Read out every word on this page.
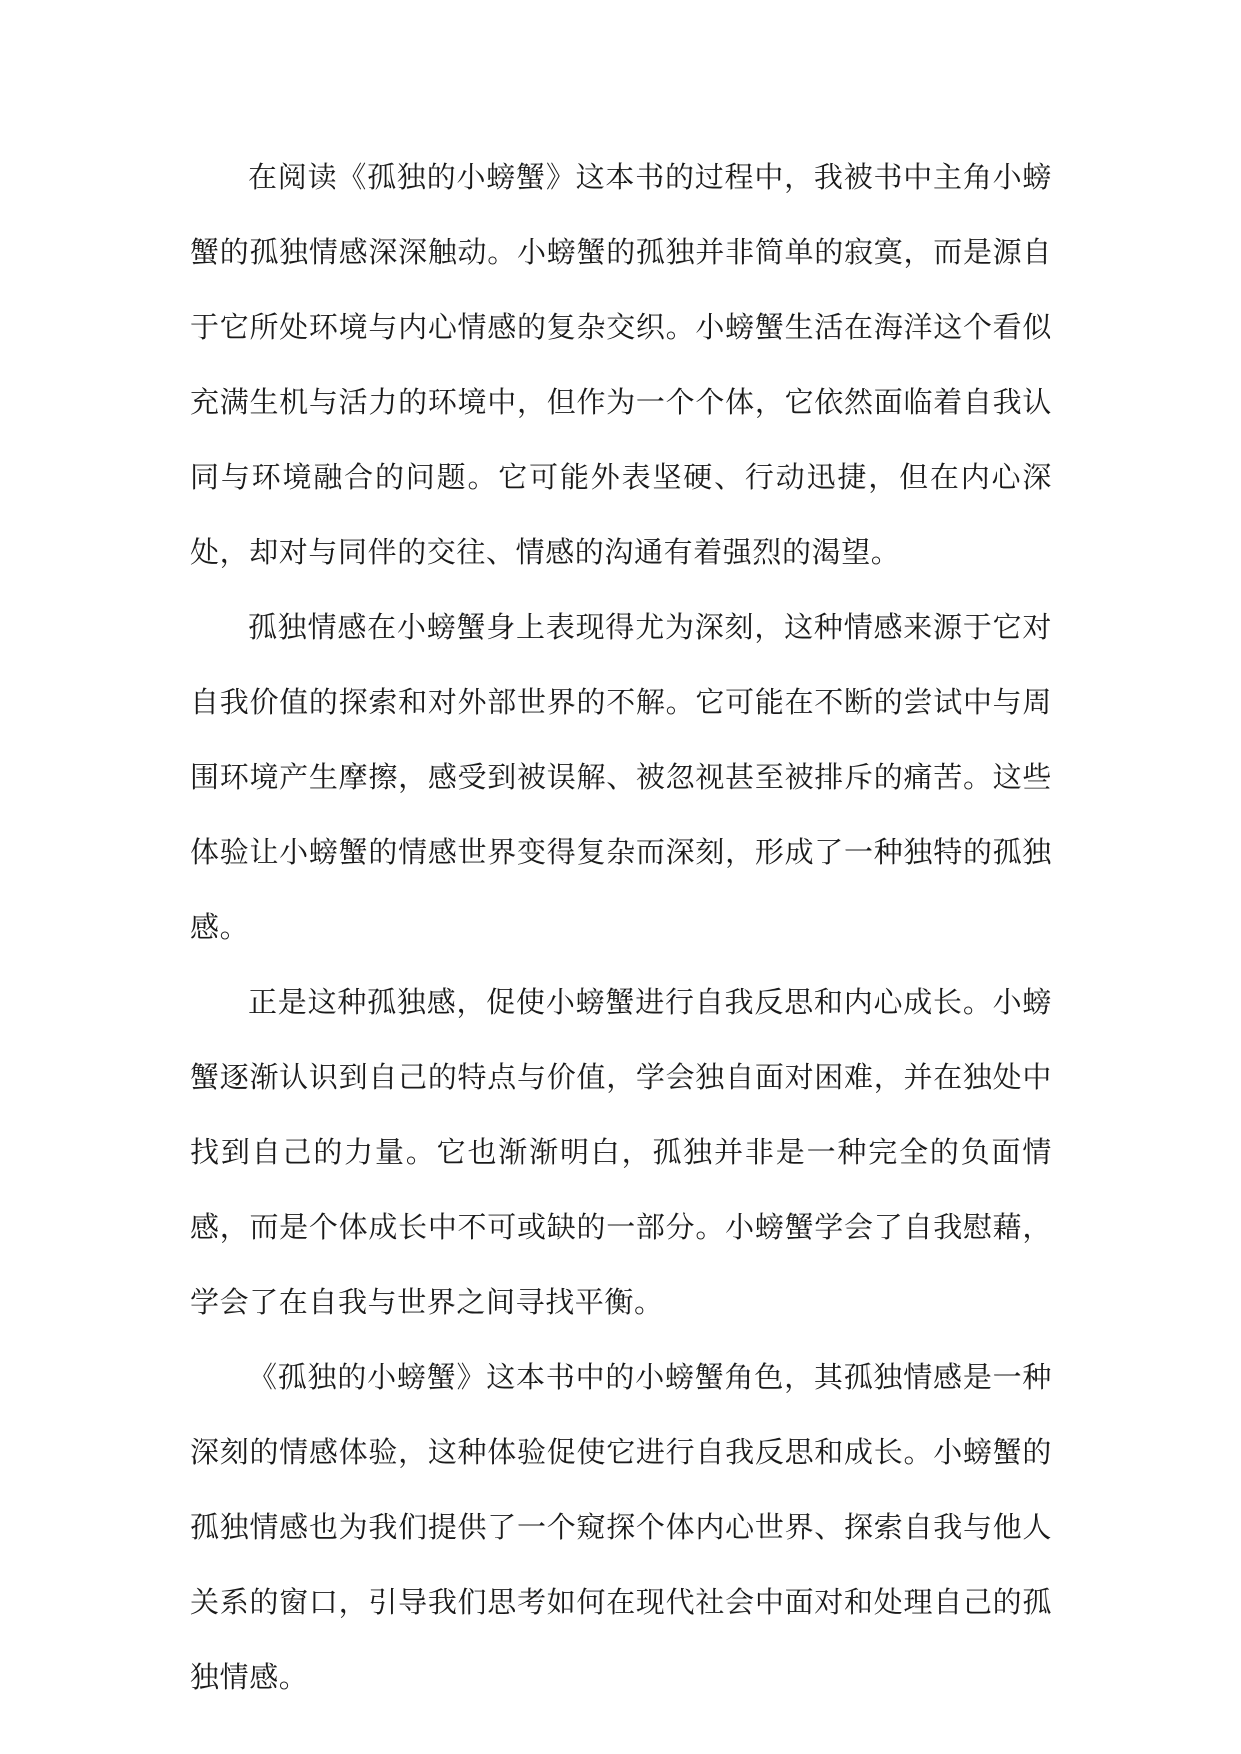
在阅读《孤独的小螃蟹》这本书的过程中，我被书中主角小螃蟹的孤独情感深深触动。小螃蟹的孤独并非简单的寂寞，而是源自于它所处环境与内心情感的复杂交织。小螃蟹生活在海洋这个看似充满生机与活力的环境中，但作为一个个体，它依然面临着自我认同与环境融合的问题。它可能外表坚硬、行动迅捷，但在内心深处，却对与同伴的交往、情感的沟通有着强烈的渴望。

孤独情感在小螃蟹身上表现得尤为深刻，这种情感来源于它对自我价值的探索和对外部世界的不解。它可能在不断的尝试中与周围环境产生摩擦，感受到被误解、被忽视甚至被排斥的痛苦。这些体验让小螃蟹的情感世界变得复杂而深刻，形成了一种独特的孤独感。

正是这种孤独感，促使小螃蟹进行自我反思和内心成长。小螃蟹逐渐认识到自己的特点与价值，学会独自面对困难，并在独处中找到自己的力量。它也渐渐明白，孤独并非是一种完全的负面情感，而是个体成长中不可或缺的一部分。小螃蟹学会了自我慰藉，学会了在自我与世界之间寻找平衡。

《孤独的小螃蟹》这本书中的小螃蟹角色，其孤独情感是一种深刻的情感体验，这种体验促使它进行自我反思和成长。小螃蟹的孤独情感也为我们提供了一个窥探个体内心世界、探索自我与他人关系的窗口，引导我们思考如何在现代社会中面对和处理自己的孤独情感。
